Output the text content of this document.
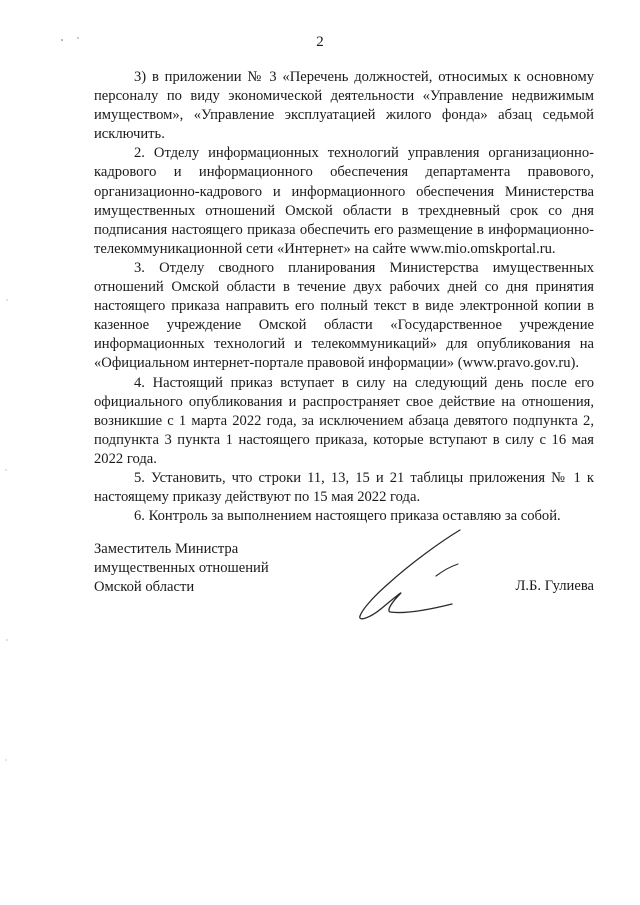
2

3) в приложении № 3 «Перечень должностей, относимых к основному персоналу по виду экономической деятельности «Управление недвижимым имуществом», «Управление эксплуатацией жилого фонда» абзац седьмой исключить.

2. Отделу информационных технологий управления организационно-кадрового и информационного обеспечения департамента правового, организационно-кадрового и информационного обеспечения Министерства имущественных отношений Омской области в трехдневный срок со дня подписания настоящего приказа обеспечить его размещение в информационно-телекоммуникационной сети «Интернет» на сайте www.mio.omskportal.ru.

3. Отделу сводного планирования Министерства имущественных отношений Омской области в течение двух рабочих дней со дня принятия настоящего приказа направить его полный текст в виде электронной копии в казенное учреждение Омской области «Государственное учреждение информационных технологий и телекоммуникаций» для опубликования на «Официальном интернет-портале правовой информации» (www.pravo.gov.ru).

4. Настоящий приказ вступает в силу на следующий день после его официального опубликования и распространяет свое действие на отношения, возникшие с 1 марта 2022 года, за исключением абзаца девятого подпункта 2, подпункта 3 пункта 1 настоящего приказа, которые вступают в силу с 16 мая 2022 года.

5. Установить, что строки 11, 13, 15 и 21 таблицы приложения № 1 к настоящему приказу действуют по 15 мая 2022 года.

6. Контроль за выполнением настоящего приказа оставляю за собой.

Заместитель Министра
имущественных отношений
Омской области	Л.Б. Гулиева
